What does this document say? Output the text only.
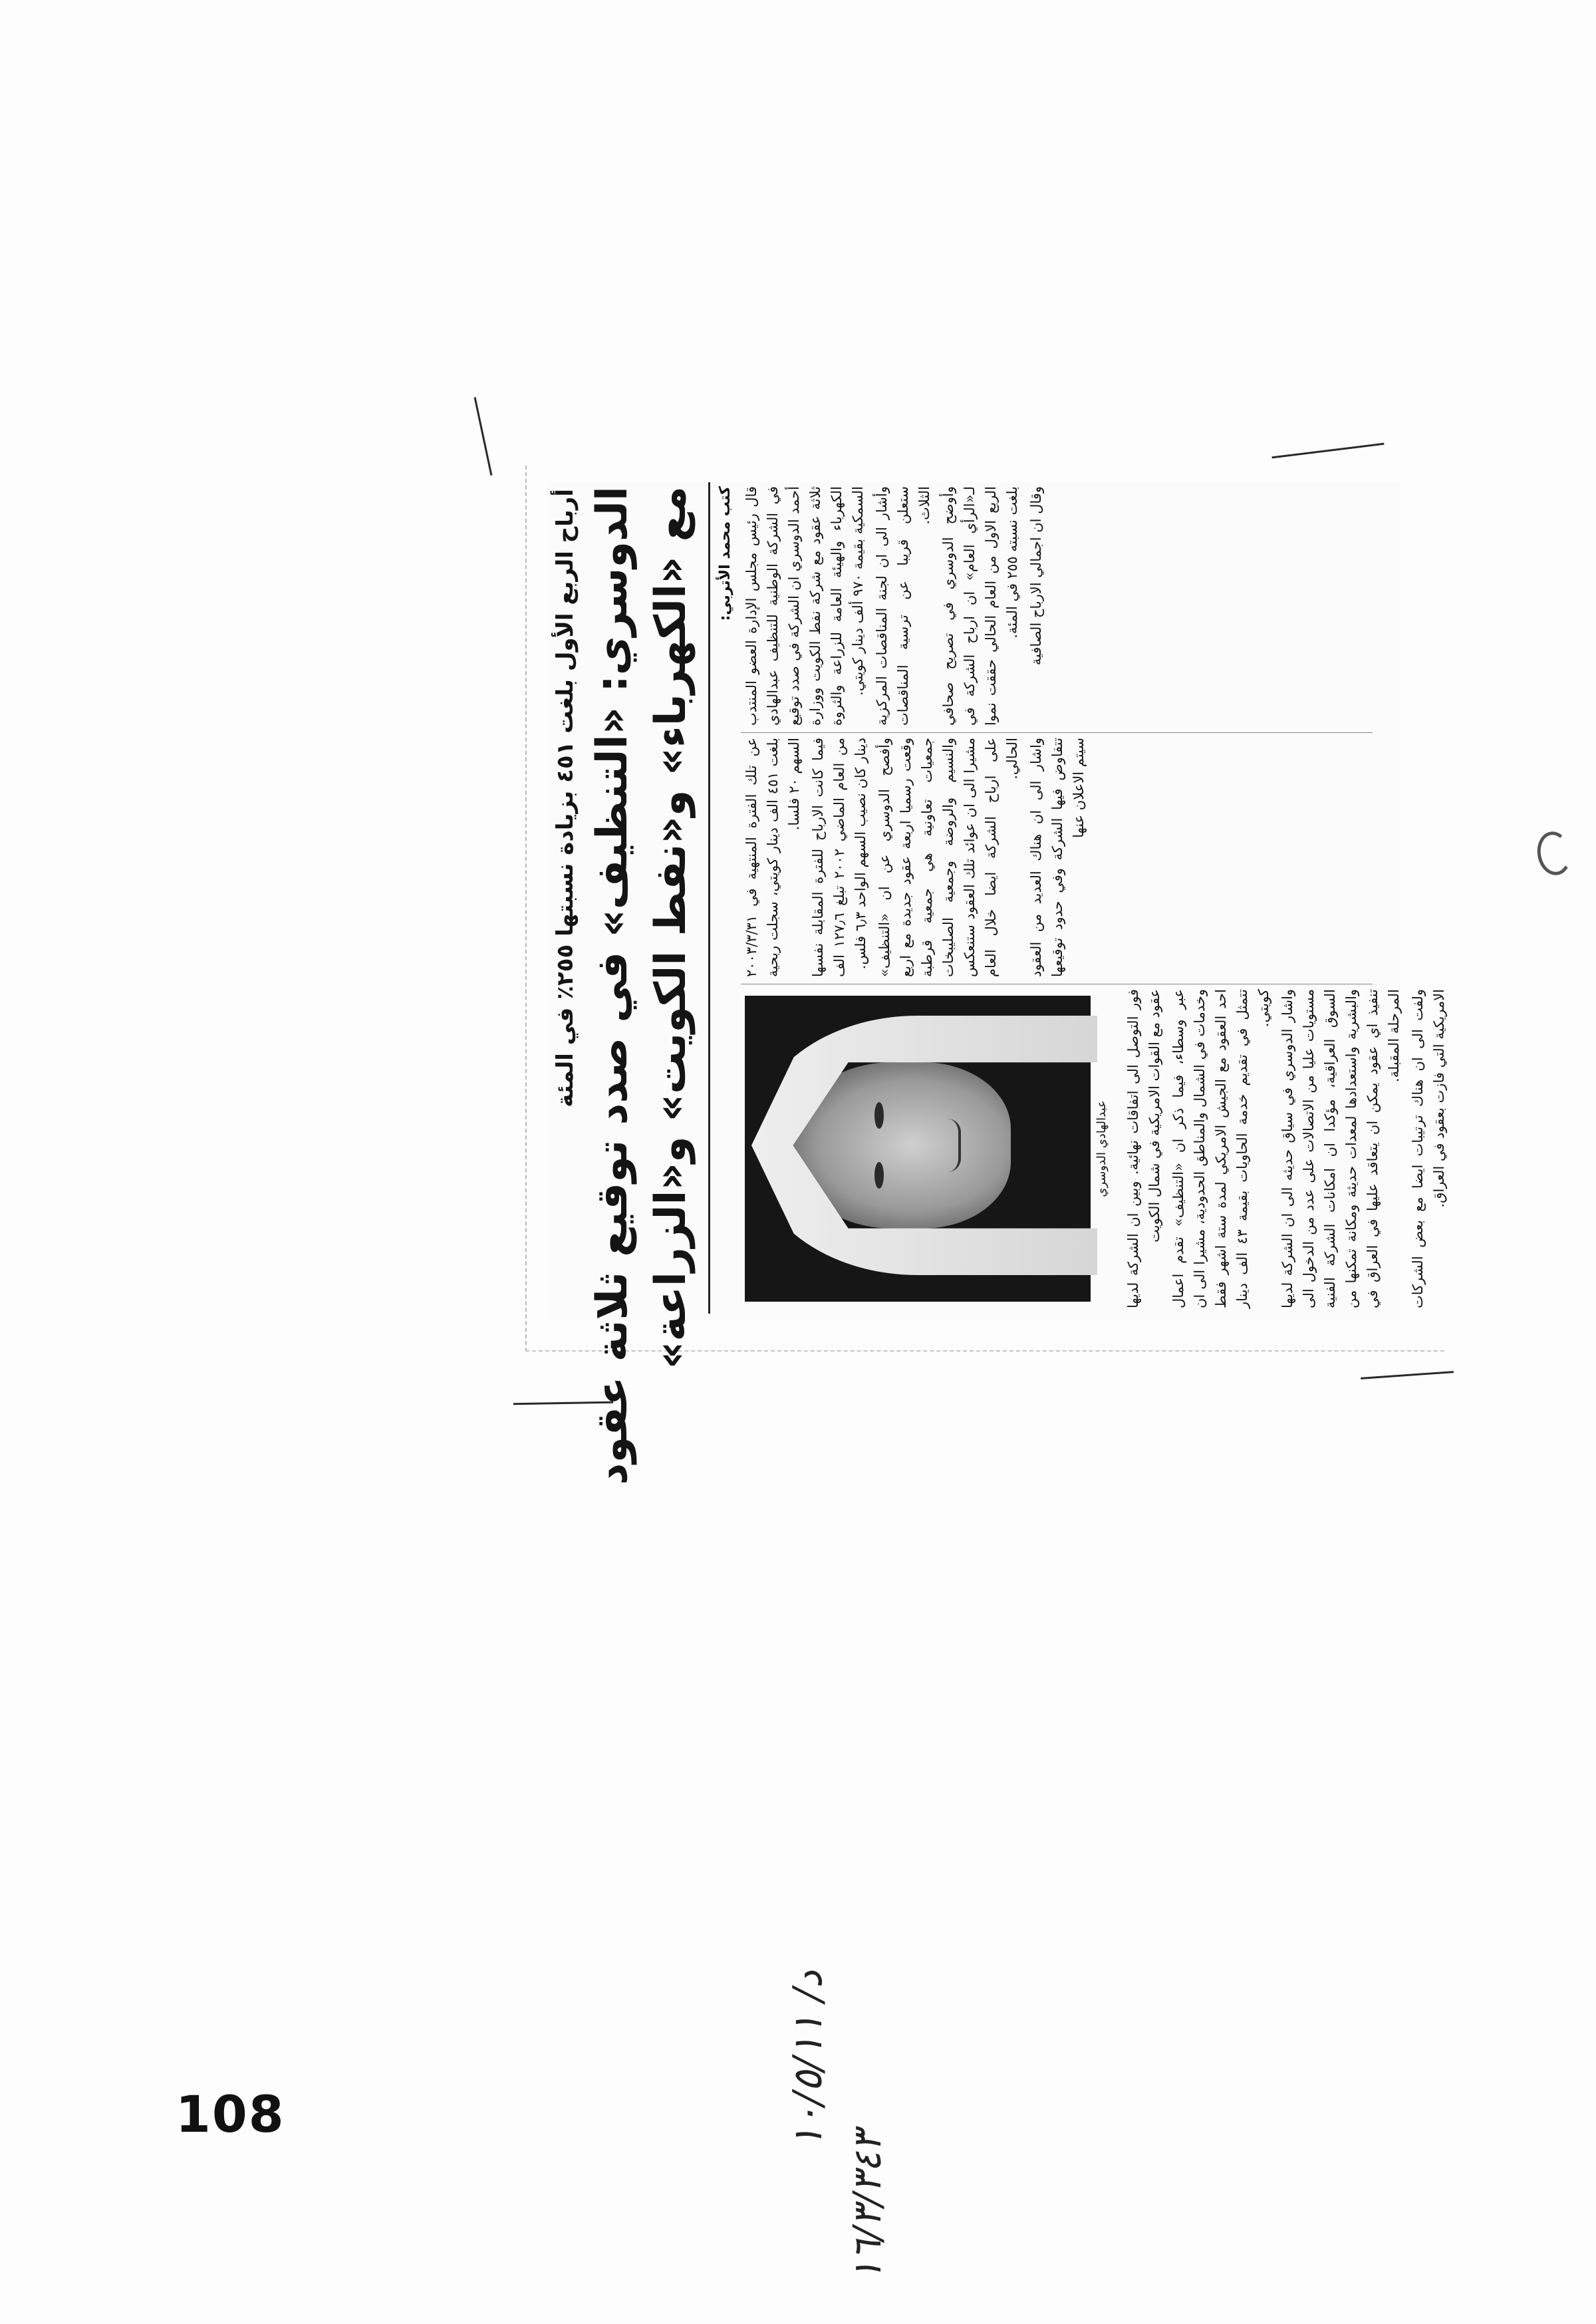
أرباح الربع الأول بلغت ٤٥١ بزيادة نسبتها ٢٥٥٪ في المئة الدوسري: «التنظيف» في صدد توقيع ثلاثة عقود مع «الكهرباء» و«نفط الكويت» و«الزراعة»	كتب محمد الأتربي: قال رئيس مجلس الإدارة العضو المنتدب في الشركة الوطنية للتنظيف عبدالهادي أحمد الدوسري ان الشركة في صدد توقيع ثلاثة عقود مع شركة نفط الكويت ووزارة الكهرباء والهيئة العامة للزراعة والثروة السمكية بقيمة ٩٧٠ ألف دينار كويتي. وأشار الى ان لجنة المناقصات المركزية ستعلن قريبا عن ترسية المناقصات الثلاث. وأوضح الدوسري في تصريح صحافي لـ«الرأي العام» ان ارباح الشركة في الربع الاول من العام الحالي حققت نموا بلغت نسبته ٢٥٥ في المئة. وقال ان اجمالي الارباح الصافية

عن تلك الفترة المنتهية في ٢٠٠٣/٣/٣١ بلغت ٤٥١ الف دينار كويتي، سجلت ربحية السهم ٢٠ فلسا. فيما كانت الارباح للفترة المقابلة نفسها من العام الماضي ٢٠٠٢ تبلغ ١٢٧٫٦ الف دينار كان نصيب السهم الواحد ٦٫٣ فلس. وأفصح الدوسري عن ان «التنظيف» وقعت رسميا اربعة عقود جديدة مع اربع جمعيات تعاونية هي جمعية قرطبة والنسيم والروضة وجمعية الصليبخات مشيرا الى ان عوائد تلك العقود ستنعكس على ارباح الشركة ايضا خلال العام الحالي. واشار الى ان هناك العديد من العقود تتفاوض فيها الشركة وفي حدود توقيعها سيتم الاعلان عنها

عبدالهادي الدوسري فور التوصل الى اتفاقات نهائية. وبين ان الشركة لديها عقود مع القوات الامريكية في شمال الكويت عبر وسطاء، فيما ذكر ان «التنظيف» تقدم اعمال وخدمات في الشمال والمناطق الحدودية، مشيرا الى ان احد العقود مع الجيش الامريكي لمدة ستة اشهر فقط تتمثل في تقديم خدمة الحاويات بقيمة ٤٣ الف دينار كويتي. واشار الدوسري في سياق حديثه الى ان الشركة لديها مستويات عليا من الاتصالات على عدد من الدخول الى السوق العراقية، مؤكدا ان امكانات الشركة الفنية والبشرية واستعدادها لمعدات حديثة ومكانة تمكنها من تنفيذ اي عقود يمكن ان يتعاقد عليها في العراق في المرحلة المقبلة. ولفت الى ان هناك ترتيبات ايضا مع بعض الشركات الامريكية التي فازت بعقود في العراق.

108	د/ ١٠/٥/١١
١٦/٣/٣٤٣
